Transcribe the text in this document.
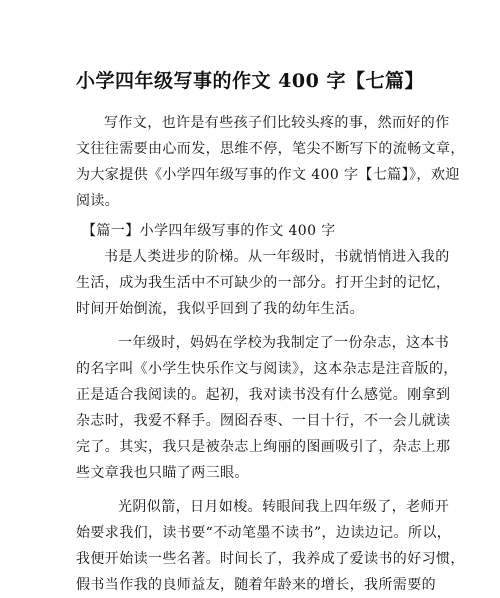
小学四年级写事的作文 400 字【七篇】
写作文，也许是有些孩子们比较头疼的事，然而好的作
文往往需要由心而发，思维不停，笔尖不断写下的流畅文章，
为大家提供《小学四年级写事的作文 400 字【七篇】》，欢迎
阅读。
【篇一】小学四年级写事的作文 400 字
书是人类进步的阶梯。从一年级时，书就悄悄进入我的
生活，成为我生活中不可缺少的一部分。打开尘封的记忆，
时间开始倒流，我似乎回到了我的幼年生活。
一年级时，妈妈在学校为我制定了一份杂志，这本书
的名字叫《小学生快乐作文与阅读》，这本杂志是注音版的，
正是适合我阅读的。起初，我对读书没有什么感觉。刚拿到
杂志时，我爱不释手。囫囵吞枣、一目十行，不一会儿就读
完了。其实，我只是被杂志上绚丽的图画吸引了，杂志上那
些文章我也只瞄了两三眼。
光阴似箭，日月如梭。转眼间我上四年级了，老师开
始要求我们，读书要“不动笔墨不读书”，边读边记。所以，
我便开始读一些名著。时间长了，我养成了爱读书的好习惯，
假书当作我的良师益友，随着年龄来的增长，我所需要的
